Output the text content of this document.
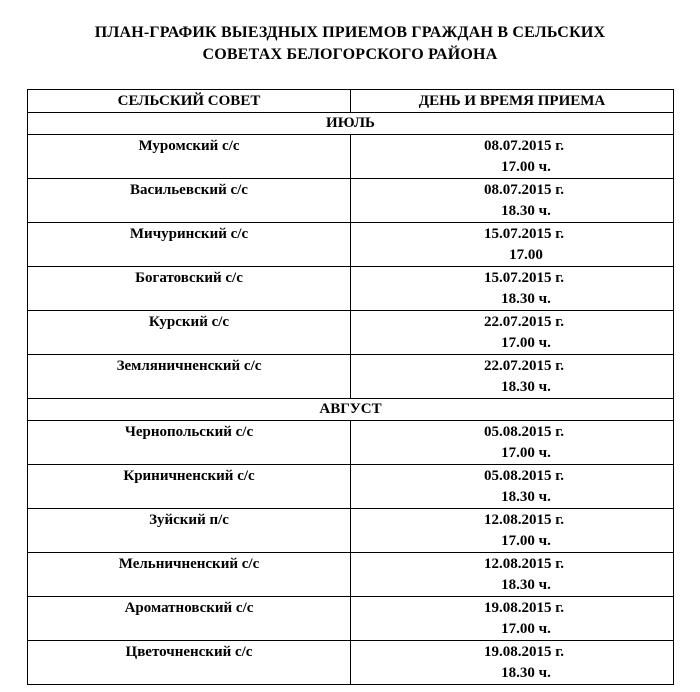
ПЛАН-ГРАФИК ВЫЕЗДНЫХ ПРИЕМОВ ГРАЖДАН В СЕЛЬСКИХ
СОВЕТАХ БЕЛОГОРСКОГО РАЙОНА
СЕЛЬСКИЙ СОВЕТ	ДЕНЬ И ВРЕМЯ ПРИЕМА
ИЮЛЬ	

Муромский с/с	08.07.2015 г.
17.00 ч.

Васильевский с/с	08.07.2015 г.
18.30 ч.

Мичуринский с/с	15.07.2015 г.
17.00

Богатовский с/с	15.07.2015 г.
18.30 ч.

Курский с/с	22.07.2015 г.
17.00 ч.

Земляничненский с/с	22.07.2015 г.
18.30 ч.

АВГУСТ	

Чернопольский с/с	05.08.2015 г.
17.00 ч.

Криничненский с/с	05.08.2015 г.
18.30 ч.

Зуйский п/с	12.08.2015 г.
17.00 ч.

Мельничненский с/с	12.08.2015 г.
18.30 ч.

Ароматновский с/с	19.08.2015 г.
17.00 ч.

Цветочненский с/с	19.08.2015 г.
18.30 ч.
